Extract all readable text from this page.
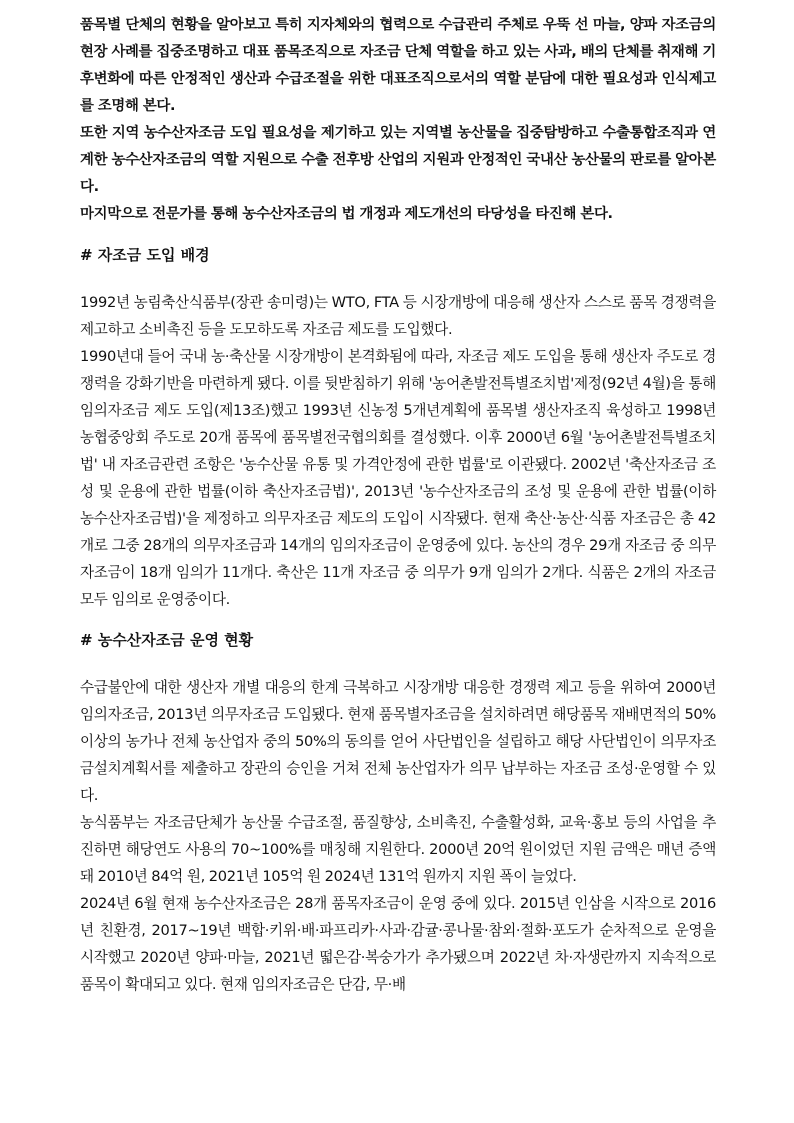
품목별 단체의 현황을 알아보고 특히 지자체와의 협력으로 수급관리 주체로 우뚝 선 마늘, 양파 자조금의 현장 사례를 집중조명하고 대표 품목조직으로 자조금 단체 역할을 하고 있는 사과, 배의 단체를 취재해 기후변화에 따른 안정적인 생산과 수급조절을 위한 대표조직으로서의 역할 분담에 대한 필요성과 인식제고를 조명해 본다.

또한 지역 농수산자조금 도입 필요성을 제기하고 있는 지역별 농산물을 집중탐방하고 수출통합조직과 연계한 농수산자조금의 역할 지원으로 수출 전후방 산업의 지원과 안정적인 국내산 농산물의 판로를 알아본다.

마지막으로 전문가를 통해 농수산자조금의 법 개정과 제도개선의 타당성을 타진해 본다.

# 자조금 도입 배경

1992년 농림축산식품부(장관 송미령)는 WTO, FTA 등 시장개방에 대응해 생산자 스스로 품목 경쟁력을 제고하고 소비촉진 등을 도모하도록 자조금 제도를 도입했다.

1990년대 들어 국내 농·축산물 시장개방이 본격화됨에 따라, 자조금 제도 도입을 통해 생산자 주도로 경쟁력을 강화기반을 마련하게 됐다. 이를 뒷받침하기 위해 '농어촌발전특별조치법'제정(92년 4월)을 통해 임의자조금 제도 도입(제13조)했고 1993년 신농정 5개년계획에 품목별 생산자조직 육성하고 1998년 농협중앙회 주도로 20개 품목에 품목별전국협의회를 결성했다. 이후 2000년 6월 '농어촌발전특별조치법' 내 자조금관련 조항은 '농수산물 유통 및 가격안정에 관한 법률'로 이관됐다. 2002년 '축산자조금 조성 및 운용에 관한 법률(이하 축산자조금법)', 2013년 '농수산자조금의 조성 및 운용에 관한 법률(이하 농수산자조금법)'을 제정하고 의무자조금 제도의 도입이 시작됐다. 현재 축산·농산·식품 자조금은 총 42개로 그중 28개의 의무자조금과 14개의 임의자조금이 운영중에 있다. 농산의 경우 29개 자조금 중 의무자조금이 18개 임의가 11개다. 축산은 11개 자조금 중 의무가 9개 임의가 2개다. 식품은 2개의 자조금 모두 임의로 운영중이다.

# 농수산자조금 운영 현황

수급불안에 대한 생산자 개별 대응의 한계 극복하고 시장개방 대응한 경쟁력 제고 등을 위하여 2000년 임의자조금, 2013년 의무자조금 도입됐다. 현재 품목별자조금을 설치하려면 해당품목 재배면적의 50% 이상의 농가나 전체 농산업자 중의 50%의 동의를 얻어 사단법인을 설립하고 해당 사단법인이 의무자조금설치계획서를 제출하고 장관의 승인을 거쳐 전체 농산업자가 의무 납부하는 자조금 조성·운영할 수 있다.

농식품부는 자조금단체가 농산물 수급조절, 품질향상, 소비촉진, 수출활성화, 교육·홍보 등의 사업을 추진하면 해당연도 사용의 70~100%를 매칭해 지원한다. 2000년 20억 원이었던 지원 금액은 매년 증액돼 2010년 84억 원, 2021년 105억 원 2024년 131억 원까지 지원 폭이 늘었다.

2024년 6월 현재 농수산자조금은 28개 품목자조금이 운영 중에 있다. 2015년 인삼을 시작으로 2016년 친환경, 2017~19년 백합·키위·배·파프리카·사과·감귤·콩나물·참외·절화·포도가 순차적으로 운영을 시작했고 2020년 양파·마늘, 2021년 떫은감·복숭가가 추가됐으며 2022년 차·자생란까지 지속적으로 품목이 확대되고 있다. 현재 임의자조금은 단감, 무·배
